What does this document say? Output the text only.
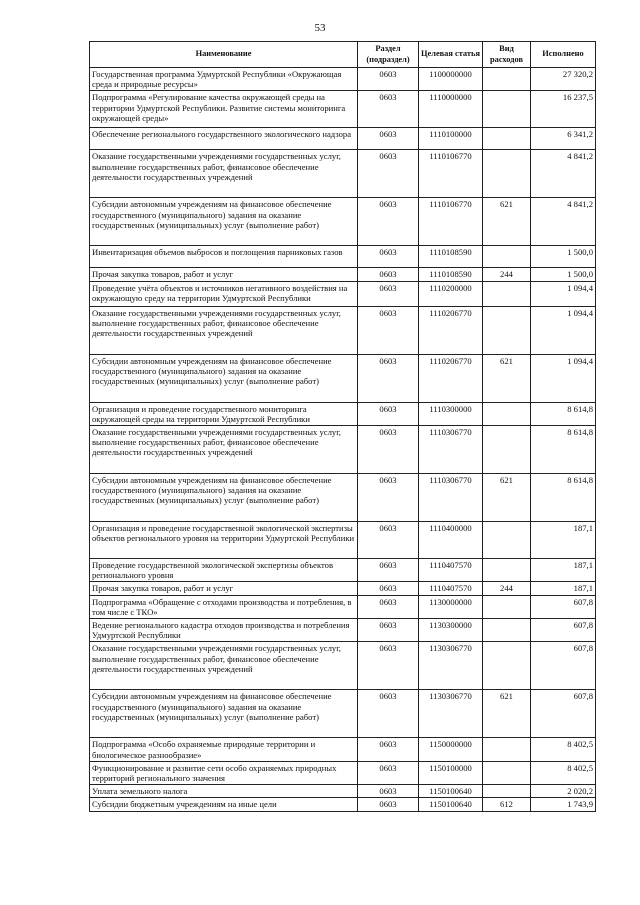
53
Наименование	Раздел (подраздел)	Целевая статья	Вид расходов	Исполнено
Государственная программа Удмуртской Республики «Окружающая среда и природные ресурсы»	0603	1100000000		27 320,2
Подпрограмма «Регулирование качества окружающей среды на территории Удмуртской Республики. Развитие системы мониторинга окружающей среды»	0603	1110000000		16 237,5
Обеспечение регионального государственного экологического надзора	0603	1110100000		6 341,2
Оказание государственными учреждениями государственных услуг, выполнение государственных работ, финансовое обеспечение деятельности государственных учреждений	0603	1110106770		4 841,2
Субсидии автономным учреждениям на финансовое обеспечение государственного (муниципального) задания на оказание государственных (муниципальных) услуг (выполнение работ)	0603	1110106770	621	4 841,2
Инвентаризация объемов выбросов и поглощения парниковых газов	0603	1110108590		1 500,0
Прочая закупка товаров, работ и услуг	0603	1110108590	244	1 500,0
Проведение учёта объектов и источников негативного воздействия на окружающую среду на территории Удмуртской Республики	0603	1110200000		1 094,4
Оказание государственными учреждениями государственных услуг, выполнение государственных работ, финансовое обеспечение деятельности государственных учреждений	0603	1110206770		1 094,4
Субсидии автономным учреждениям на финансовое обеспечение государственного (муниципального) задания на оказание государственных (муниципальных) услуг (выполнение работ)	0603	1110206770	621	1 094,4
Организация и проведение государственного мониторинга окружающей среды на территории Удмуртской Республики	0603	1110300000		8 614,8
Оказание государственными учреждениями государственных услуг, выполнение государственных работ, финансовое обеспечение деятельности государственных учреждений	0603	1110306770		8 614,8
Субсидии автономным учреждениям на финансовое обеспечение государственного (муниципального) задания на оказание государственных (муниципальных) услуг (выполнение работ)	0603	1110306770	621	8 614,8
Организация и проведение государственной экологической экспертизы объектов регионального уровня на территории Удмуртской Республики	0603	1110400000		187,1
Проведение государственной экологической экспертизы объектов регионального уровня	0603	1110407570		187,1
Прочая закупка товаров, работ и услуг	0603	1110407570	244	187,1
Подпрограмма «Обращение с отходами производства и потребления, в том числе с ТКО»	0603	1130000000		607,8
Ведение регионального кадастра отходов производства и потребления Удмуртской Республики	0603	1130300000		607,8
Оказание государственными учреждениями государственных услуг, выполнение государственных работ, финансовое обеспечение деятельности государственных учреждений	0603	1130306770		607,8
Субсидии автономным учреждениям на финансовое обеспечение государственного (муниципального) задания на оказание государственных (муниципальных) услуг (выполнение работ)	0603	1130306770	621	607,8
Подпрограмма «Особо охраняемые природные территории и биологическое разнообразие»	0603	1150000000		8 402,5
Функционирование и развитие сети особо охраняемых природных территорий регионального значения	0603	1150100000		8 402,5
Уплата земельного налога	0603	1150100640		2 020,2
Субсидии бюджетным учреждениям на иные цели	0603	1150100640	612	1 743,9
